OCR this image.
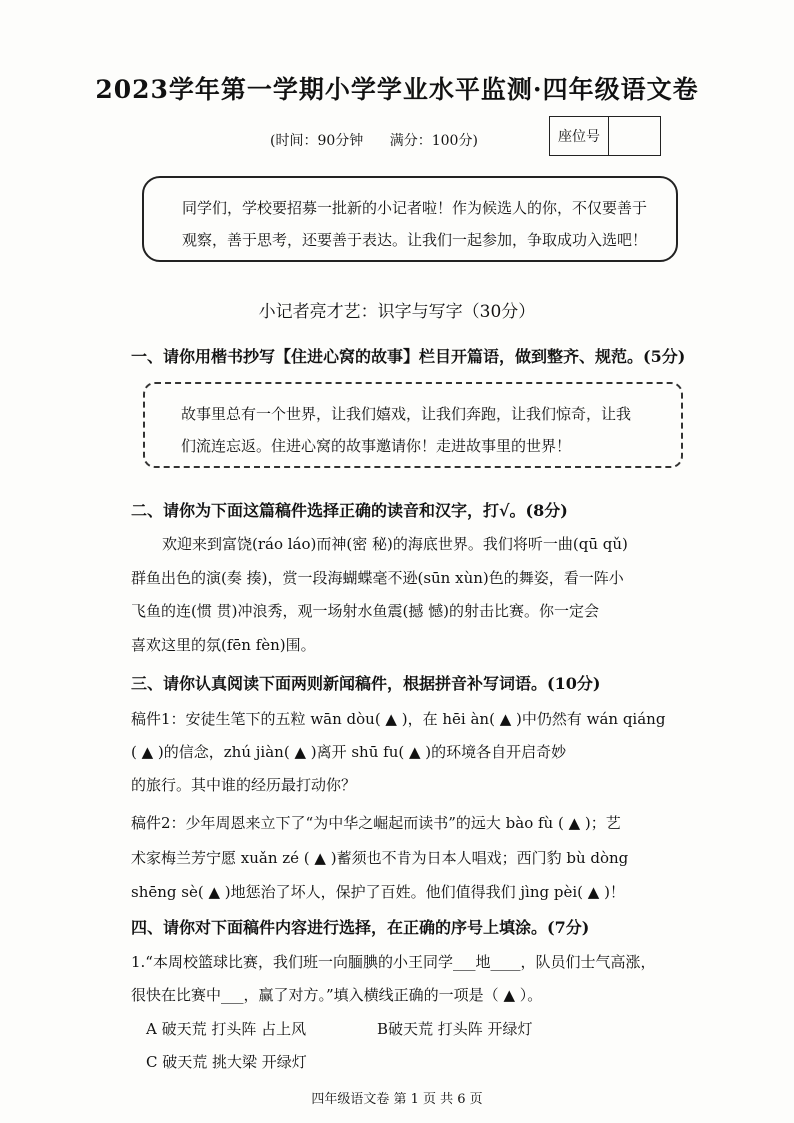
2023学年第一学期小学学业水平监测·四年级语文卷
(时间：90分钟 满分：100分)	座位号
同学们，学校要招募一批新的小记者啦！作为候选人的你，不仅要善于
观察，善于思考，还要善于表达。让我们一起参加，争取成功入选吧！
小记者亮才艺：识字与写字（30分）
一、请你用楷书抄写【住进心窝的故事】栏目开篇语，做到整齐、规范。(5分)
故事里总有一个世界，让我们嬉戏，让我们奔跑，让我们惊奇，让我
们流连忘返。住进心窝的故事邀请你！走进故事里的世界！
二、请你为下面这篇稿件选择正确的读音和汉字，打√。(8分)
欢迎来到富饶(ráo láo)而神(密 秘)的海底世界。我们将听一曲(qū qǔ)
群鱼出色的演(奏 揍)，赏一段海蝴蝶毫不逊(sūn xùn)色的舞姿，看一阵小
飞鱼的连(惯 贯)冲浪秀，观一场射水鱼震(撼 憾)的射击比赛。你一定会
喜欢这里的氛(fēn fèn)围。
三、请你认真阅读下面两则新闻稿件，根据拼音补写词语。(10分)
稿件1：安徒生笔下的五粒 wān dòu( ▲ )，在 hēi àn( ▲ )中仍然有 wán qiáng
( ▲ )的信念，zhú jiàn( ▲ )离开 shū fu( ▲ )的环境各自开启奇妙
的旅行。其中谁的经历最打动你？
稿件2：少年周恩来立下了“为中华之崛起而读书”的远大 bào fù ( ▲ )；艺
术家梅兰芳宁愿 xuǎn zé ( ▲ )蓄须也不肯为日本人唱戏；西门豹 bù dòng
shēng sè( ▲ )地惩治了坏人，保护了百姓。他们值得我们 jìng pèi( ▲ )！
四、请你对下面稿件内容进行选择，在正确的序号上填涂。(7分)
1.“本周校篮球比赛，我们班一向腼腆的小王同学___地____，队员们士气高涨，
很快在比赛中___，赢了对方。”填入横线正确的一项是（ ▲ ）。
A 破天荒 打头阵 占上风	B破天荒 打头阵 开绿灯
C 破天荒 挑大梁 开绿灯
四年级语文卷 第 1 页 共 6 页
